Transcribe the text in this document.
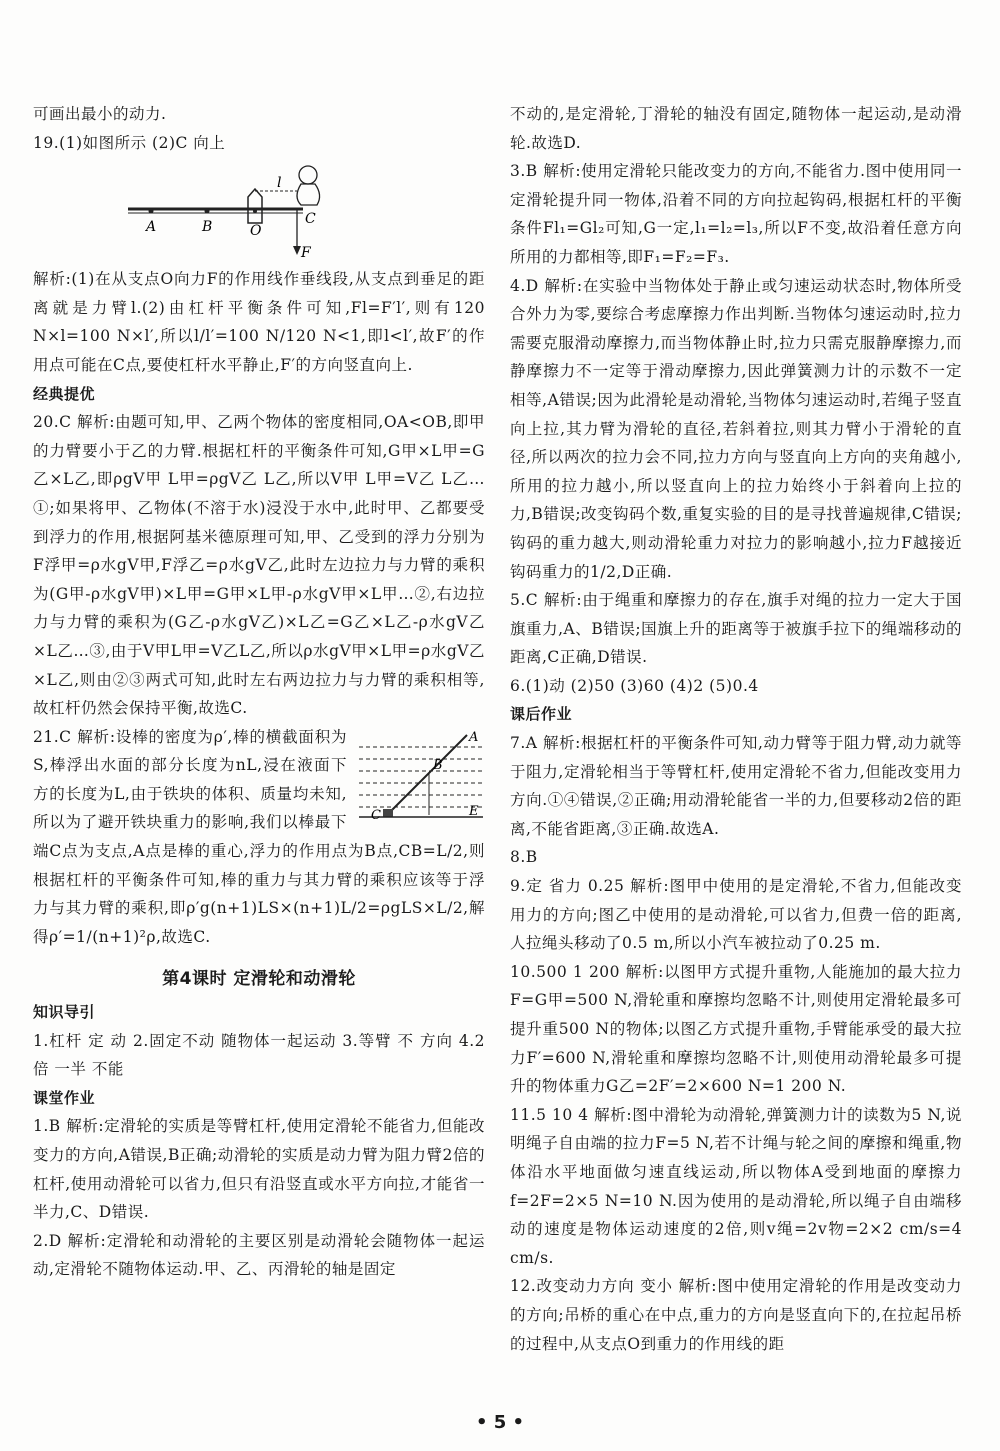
可画出最小的动力.

19.(1)如图所示 (2)C 向上

A	B	O
C
l
F

解析:(1)在从支点O向力F的作用线作垂线段,从支点到垂足的距离就是力臂l.(2)由杠杆平衡条件可知,Fl=F′l′,则有120 N×l=100 N×l′,所以l/l′=100 N/120 N<1,即l<l′,故F′的作用点可能在C点,要使杠杆水平静止,F′的方向竖直向上.

经典提优

20.C 解析:由题可知,甲、乙两个物体的密度相同,OA<OB,即甲的力臂要小于乙的力臂.根据杠杆的平衡条件可知,G甲×L甲=G乙×L乙,即ρgV甲 L甲=ρgV乙 L乙,所以V甲 L甲=V乙 L乙…①;如果将甲、乙物体(不溶于水)浸没于水中,此时甲、乙都要受到浮力的作用,根据阿基米德原理可知,甲、乙受到的浮力分别为F浮甲=ρ水gV甲,F浮乙=ρ水gV乙,此时左边拉力与力臂的乘积为(G甲-ρ水gV甲)×L甲=G甲×L甲-ρ水gV甲×L甲…②,右边拉力与力臂的乘积为(G乙-ρ水gV乙)×L乙=G乙×L乙-ρ水gV乙×L乙…③,由于V甲L甲=V乙L乙,所以ρ水gV甲×L甲=ρ水gV乙×L乙,则由②③两式可知,此时左右两边拉力与力臂的乘积相等,故杠杆仍然会保持平衡,故选C.

A
B
C	E

21.C 解析:设棒的密度为ρ′,棒的横截面积为S,棒浮出水面的部分长度为nL,浸在液面下方的长度为L,由于铁块的体积、质量均未知,所以为了避开铁块重力的影响,我们以棒最下端C点为支点,A点是棒的重心,浮力的作用点为B点,CB=L/2,则根据杠杆的平衡条件可知,棒的重力与其力臂的乘积应该等于浮力与其力臂的乘积,即ρ′g(n+1)LS×(n+1)L/2=ρgLS×L/2,解得ρ′=1/(n+1)²ρ,故选C.

第4课时 定滑轮和动滑轮
知识导引

1.杠杆 定 动 2.固定不动 随物体一起运动 3.等臂 不 方向 4.2倍 一半 不能

课堂作业

1.B 解析:定滑轮的实质是等臂杠杆,使用定滑轮不能省力,但能改变力的方向,A错误,B正确;动滑轮的实质是动力臂为阻力臂2倍的杠杆,使用动滑轮可以省力,但只有沿竖直或水平方向拉,才能省一半力,C、D错误.

2.D 解析:定滑轮和动滑轮的主要区别是动滑轮会随物体一起运动,定滑轮不随物体运动.甲、乙、丙滑轮的轴是固定

不动的,是定滑轮,丁滑轮的轴没有固定,随物体一起运动,是动滑轮.故选D.

3.B 解析:使用定滑轮只能改变力的方向,不能省力.图中使用同一定滑轮提升同一物体,沿着不同的方向拉起钩码,根据杠杆的平衡条件Fl₁=Gl₂可知,G一定,l₁=l₂=l₃,所以F不变,故沿着任意方向所用的力都相等,即F₁=F₂=F₃.

4.D 解析:在实验中当物体处于静止或匀速运动状态时,物体所受合外力为零,要综合考虑摩擦力作出判断.当物体匀速运动时,拉力需要克服滑动摩擦力,而当物体静止时,拉力只需克服静摩擦力,而静摩擦力不一定等于滑动摩擦力,因此弹簧测力计的示数不一定相等,A错误;因为此滑轮是动滑轮,当物体匀速运动时,若绳子竖直向上拉,其力臂为滑轮的直径,若斜着拉,则其力臂小于滑轮的直径,所以两次的拉力会不同,拉力方向与竖直向上方向的夹角越小,所用的拉力越小,所以竖直向上的拉力始终小于斜着向上拉的力,B错误;改变钩码个数,重复实验的目的是寻找普遍规律,C错误;钩码的重力越大,则动滑轮重力对拉力的影响越小,拉力F越接近钩码重力的1/2,D正确.

5.C 解析:由于绳重和摩擦力的存在,旗手对绳的拉力一定大于国旗重力,A、B错误;国旗上升的距离等于被旗手拉下的绳端移动的距离,C正确,D错误.

6.(1)动 (2)50 (3)60 (4)2 (5)0.4

课后作业

7.A 解析:根据杠杆的平衡条件可知,动力臂等于阻力臂,动力就等于阻力,定滑轮相当于等臂杠杆,使用定滑轮不省力,但能改变用力方向.①④错误,②正确;用动滑轮能省一半的力,但要移动2倍的距离,不能省距离,③正确.故选A.

8.B

9.定 省力 0.25 解析:图甲中使用的是定滑轮,不省力,但能改变用力的方向;图乙中使用的是动滑轮,可以省力,但费一倍的距离,人拉绳头移动了0.5 m,所以小汽车被拉动了0.25 m.

10.500 1 200 解析:以图甲方式提升重物,人能施加的最大拉力F=G甲=500 N,滑轮重和摩擦均忽略不计,则使用定滑轮最多可提升重500 N的物体;以图乙方式提升重物,手臂能承受的最大拉力F′=600 N,滑轮重和摩擦均忽略不计,则使用动滑轮最多可提升的物体重力G乙=2F′=2×600 N=1 200 N.

11.5 10 4 解析:图中滑轮为动滑轮,弹簧测力计的读数为5 N,说明绳子自由端的拉力F=5 N,若不计绳与轮之间的摩擦和绳重,物体沿水平地面做匀速直线运动,所以物体A受到地面的摩擦力f=2F=2×5 N=10 N.因为使用的是动滑轮,所以绳子自由端移动的速度是物体运动速度的2倍,则v绳=2v物=2×2 cm/s=4 cm/s.

12.改变动力方向 变小 解析:图中使用定滑轮的作用是改变动力的方向;吊桥的重心在中点,重力的方向是竖直向下的,在拉起吊桥的过程中,从支点O到重力的作用线的距

• 5 •
